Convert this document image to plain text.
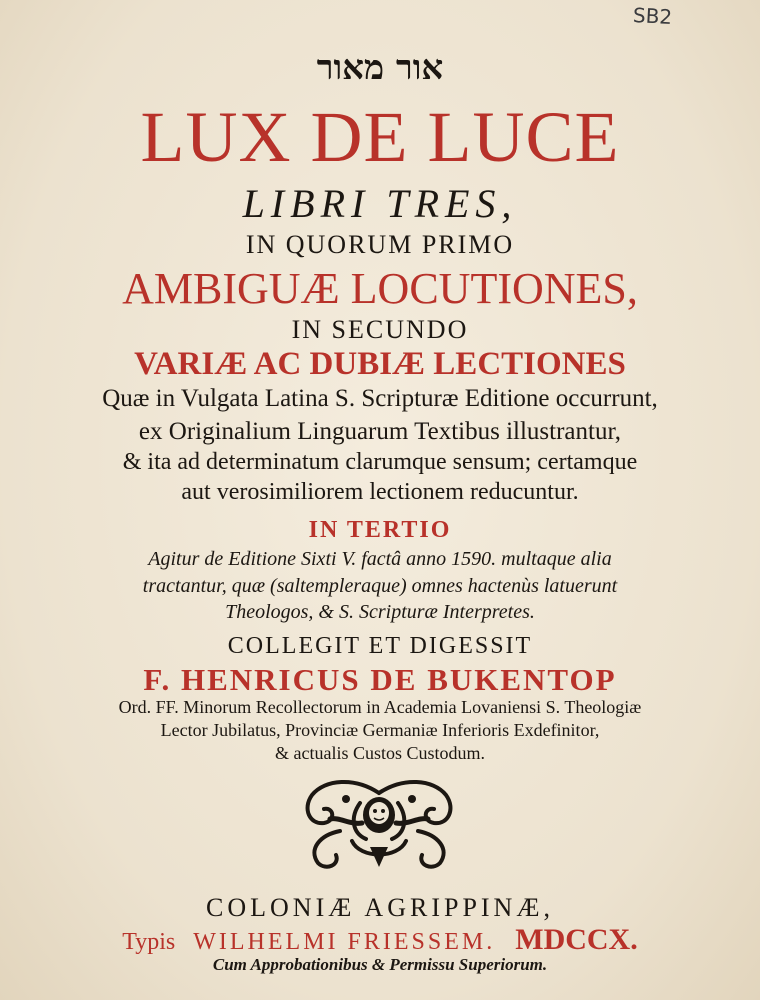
SB2
אור מאור
LUX DE LUCE
LIBRI TRES,
IN QUORUM PRIMO
AMBIGUÆ LOCUTIONES,
IN SECUNDO
VARIÆ AC DUBIÆ LECTIONES
Quæ in Vulgata Latina S. Scripturæ Editione occurrunt,
ex Originalium Linguarum Textibus illustrantur,
& ita ad determinatum clarumque sensum; certamque
aut verosimiliorem lectionem reducuntur.
IN TERTIO
Agitur de Editione Sixti V. factâ anno 1590. multaque alia
tractantur, quæ (saltempleraque) omnes hactenùs latuerunt
Theologos, & S. Scripturæ Interpretes.
COLLEGIT ET DIGESSIT
F. HENRICUS DE BUKENTOP
Ord. FF. Minorum Recollectorum in Academia Lovaniensi S. Theologiæ
Lector Jubilatus, Provinciæ Germaniæ Inferioris Exdefinitor,
& actualis Custos Custodum.
COLONIÆ AGRIPPINÆ,
Typis WILHELMI FRIESSEM. MDCCX.
Cum Approbationibus & Permissu Superiorum.
